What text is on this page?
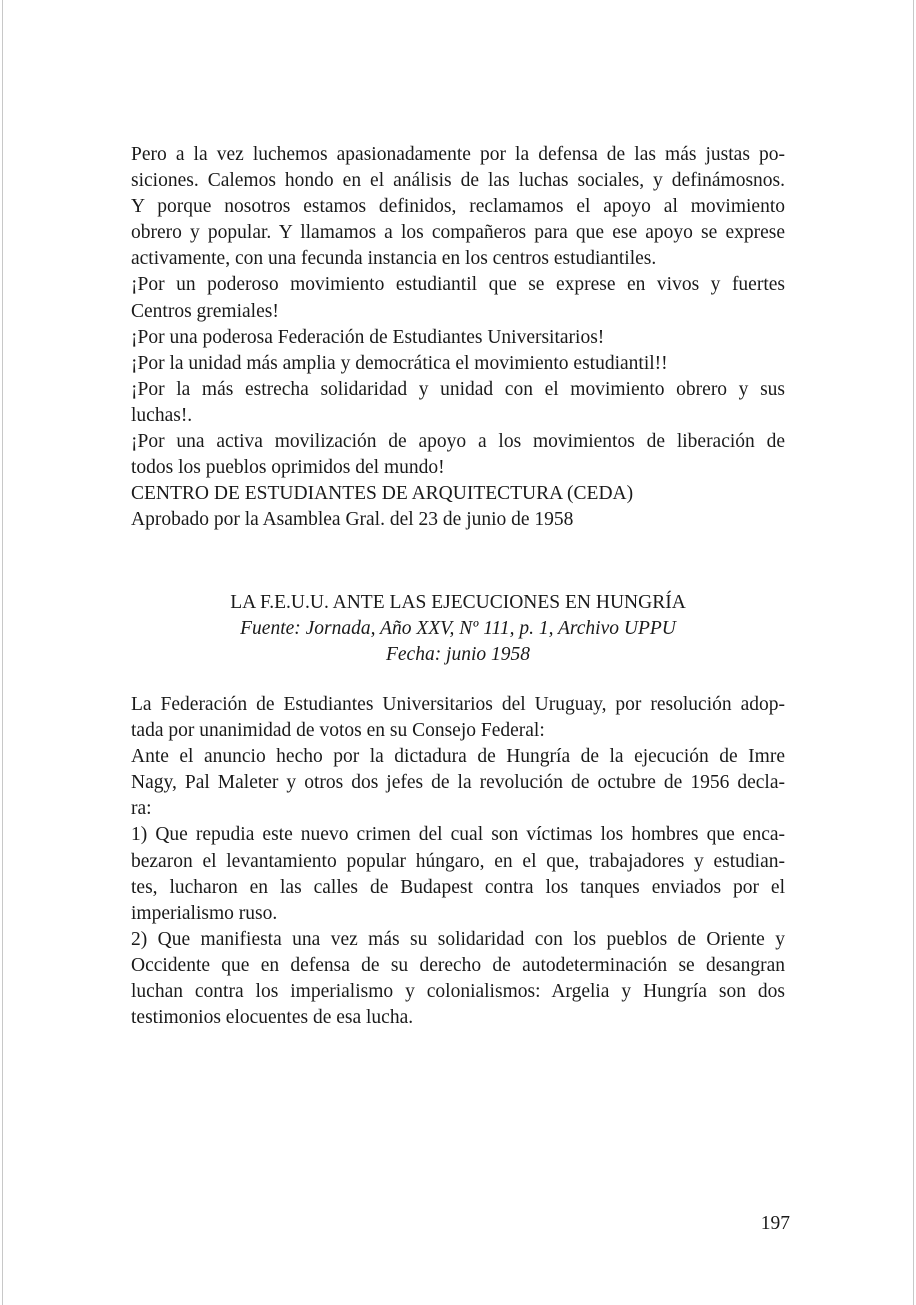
Pero a la vez luchemos apasionadamente por la defensa de las más justas po-
siciones. Calemos hondo en el análisis de las luchas sociales, y definámosnos.
Y porque nosotros estamos definidos, reclamamos el apoyo al movimiento
obrero y popular. Y llamamos a los compañeros para que ese apoyo se exprese
activamente, con una fecunda instancia en los centros estudiantiles.
¡Por un poderoso movimiento estudiantil que se exprese en vivos y fuertes
Centros gremiales!
¡Por una poderosa Federación de Estudiantes Universitarios!
¡Por la unidad más amplia y democrática el movimiento estudiantil!!
¡Por la más estrecha solidaridad y unidad con el movimiento obrero y sus
luchas!.
¡Por una activa movilización de apoyo a los movimientos de liberación de
todos los pueblos oprimidos del mundo!
CENTRO DE ESTUDIANTES DE ARQUITECTURA (CEDA)
Aprobado por la Asamblea Gral. del 23 de junio de 1958
LA F.E.U.U. ANTE LAS EJECUCIONES EN HUNGRÍA
Fuente: Jornada, Año XXV, Nº 111, p. 1, Archivo UPPU
Fecha: junio 1958
La Federación de Estudiantes Universitarios del Uruguay, por resolución adop-
tada por unanimidad de votos en su Consejo Federal:
Ante el anuncio hecho por la dictadura de Hungría de la ejecución de Imre
Nagy, Pal Maleter y otros dos jefes de la revolución de octubre de 1956 decla-
ra:
1) Que repudia este nuevo crimen del cual son víctimas los hombres que enca-
bezaron el levantamiento popular húngaro, en el que, trabajadores y estudian-
tes, lucharon en las calles de Budapest contra los tanques enviados por el
imperialismo ruso.
2) Que manifiesta una vez más su solidaridad con los pueblos de Oriente y
Occidente que en defensa de su derecho de autodeterminación se desangran
luchan contra los imperialismo y colonialismos: Argelia y Hungría son dos
testimonios elocuentes de esa lucha.
197
